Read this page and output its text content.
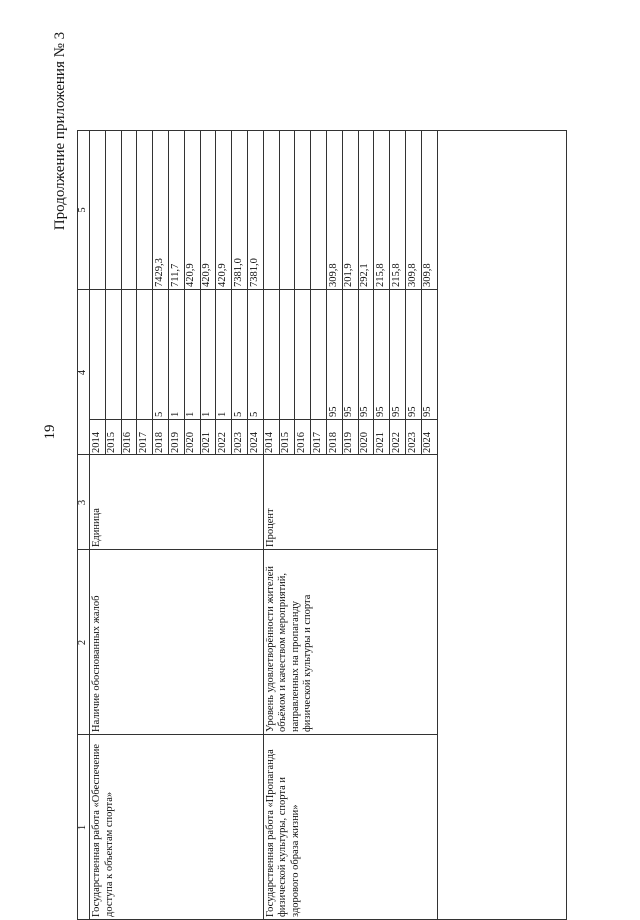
19
Продолжение приложения № 3
1
2
3
4
5
Государственная работа «Обеспечение доступа к объектам спорта»
Наличие обоснованных жалоб
Единица
2014 2015 2016 2017 2018
5
7429,3
2019
1
711,7
2020
1
420,9
2021
1
420,9
2022
1
420,9
2023
5
7381,0
2024
5
7381,0
Государственная работа «Пропаганда физической культуры, спорта и здорового образа жизни»
Уровень удовлетворённости жителей объёмом и качеством мероприятий, направленных на пропаганду физической культуры и спорта
Процент
2014 2015 2016 2017 2018
95
309,8
2019
95
201,9
2020
95
292,1
2021
95
215,8
2022
95
215,8
2023
95
309,8
2024
95
309,8
